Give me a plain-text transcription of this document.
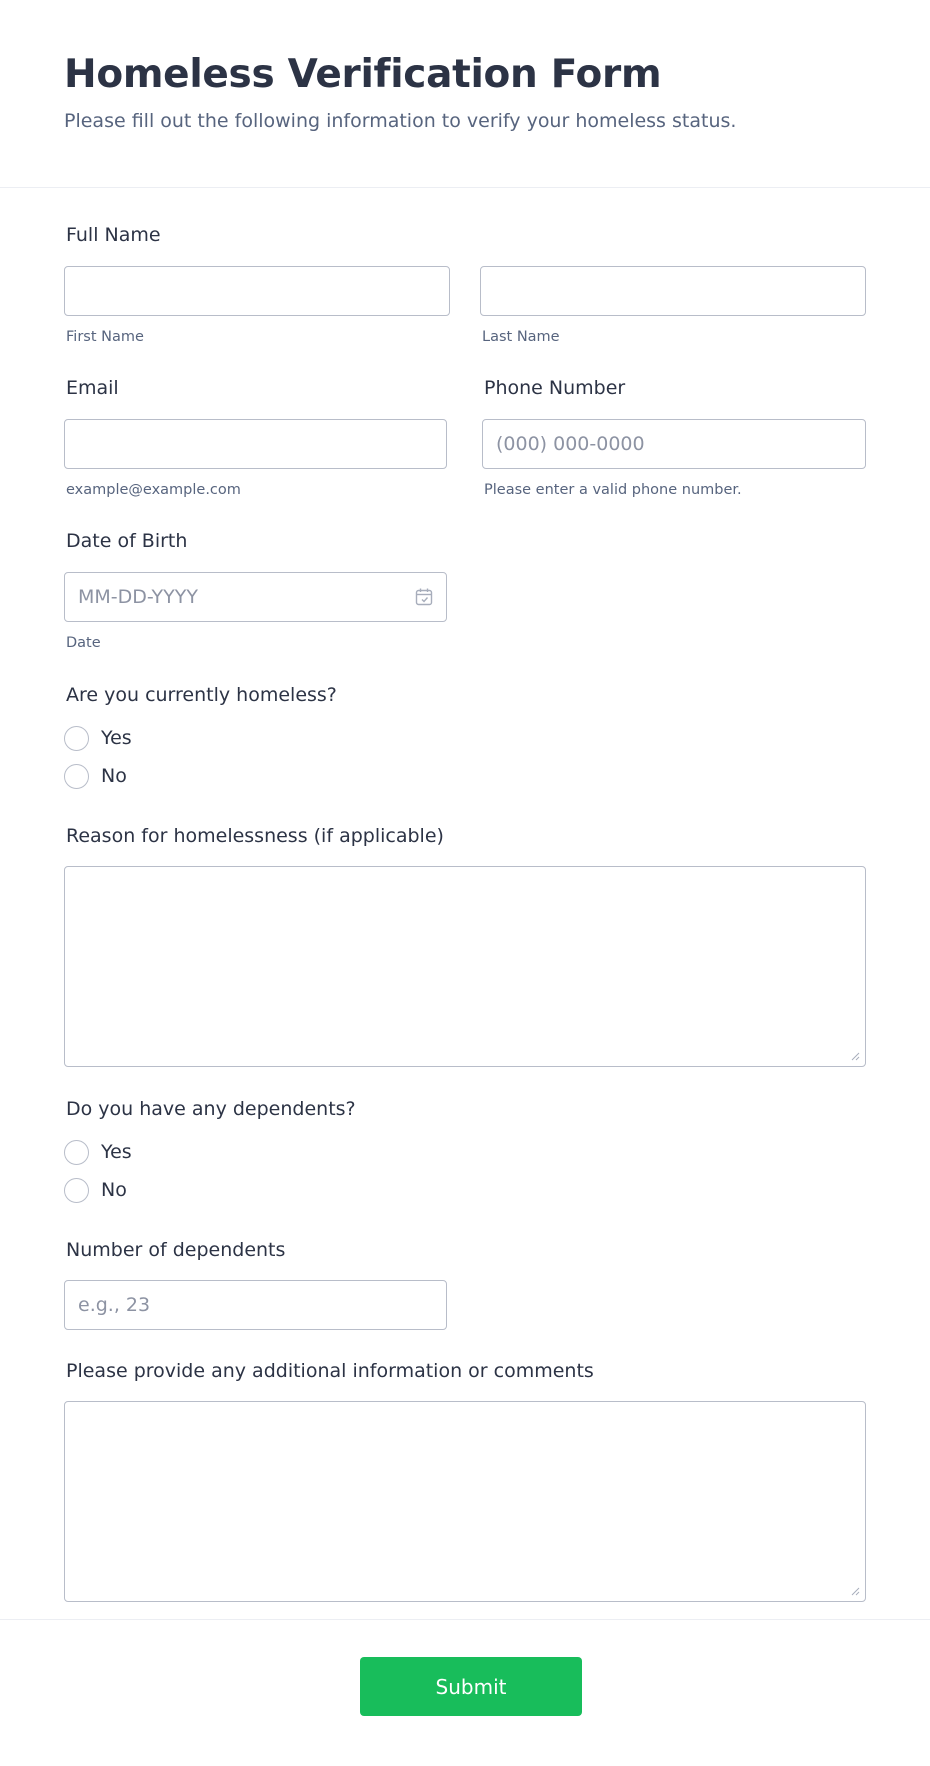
Homeless Verification Form
Please fill out the following information to verify your homeless status.
Full Name
First Name	Last Name
Email
example@example.com
Phone Number
(000) 000-0000
Please enter a valid phone number.
Date of Birth
MM-DD-YYYY
Date
Are you currently homeless?
Yes
No
Reason for homelessness (if applicable)
Do you have any dependents?
Yes
No
Number of dependents
e.g., 23
Please provide any additional information or comments
Submit
